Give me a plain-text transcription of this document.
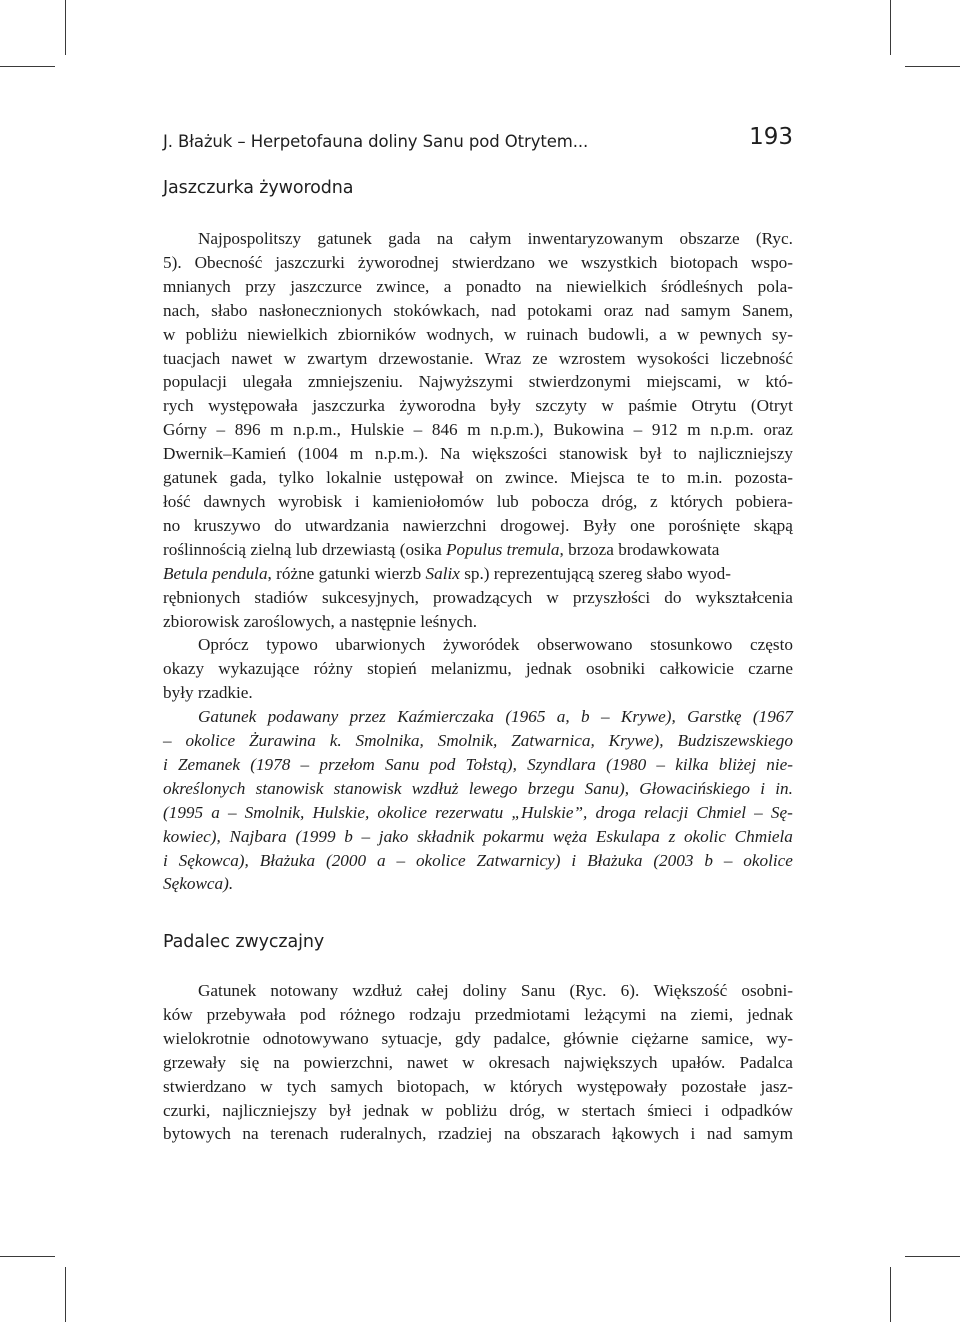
J. Błażuk – Herpetofauna doliny Sanu pod Otrytem...	193
Jaszczurka żyworodna
Najpospolitszy gatunek gada na całym inwentaryzowanym obszarze (Ryc.
5). Obecność jaszczurki żyworodnej stwierdzano we wszystkich biotopach wspo-
mnianych przy jaszczurce zwince, a ponadto na niewielkich śródleśnych pola-
nach, słabo nasłonecznionych stokówkach, nad potokami oraz nad samym Sanem,
w pobliżu niewielkich zbiorników wodnych, w ruinach budowli, a w pewnych sy-
tuacjach nawet w zwartym drzewostanie. Wraz ze wzrostem wysokości liczebność
populacji ulegała zmniejszeniu. Najwyższymi stwierdzonymi miejscami, w któ-
rych występowała jaszczurka żyworodna były szczyty w paśmie Otrytu (Otryt
Górny – 896 m n.p.m., Hulskie – 846 m n.p.m.), Bukowina – 912 m n.p.m. oraz
Dwernik–Kamień (1004 m n.p.m.). Na większości stanowisk był to najliczniejszy
gatunek gada, tylko lokalnie ustępował on zwince. Miejsca te to m.in. pozosta-
łość dawnych wyrobisk i kamieniołomów lub pobocza dróg, z których pobiera-
no kruszywo do utwardzania nawierzchni drogowej. Były one porośnięte skąpą
roślinnością zielną lub drzewiastą (osika Populus tremula, brzoza brodawkowata
Betula pendula, różne gatunki wierzb Salix sp.) reprezentującą szereg słabo wyod-
rębnionych stadiów sukcesyjnych, prowadzących w przyszłości do wykształcenia
zbiorowisk zaroślowych, a następnie leśnych.
Oprócz typowo ubarwionych żyworódek obserwowano stosunkowo często
okazy wykazujące różny stopień melanizmu, jednak osobniki całkowicie czarne
były rzadkie.
Gatunek podawany przez Kaźmierczaka (1965 a, b – Krywe), Garstkę (1967
– okolice Żurawina k. Smolnika, Smolnik, Zatwarnica, Krywe), Budziszewskiego
i Zemanek (1978 – przełom Sanu pod Tołstą), Szyndlara (1980 – kilka bliżej nie-
określonych stanowisk stanowisk wzdłuż lewego brzegu Sanu), Głowacińskiego i in.
(1995 a – Smolnik, Hulskie, okolice rezerwatu „Hulskie”, droga relacji Chmiel – Sę-
kowiec), Najbara (1999 b – jako składnik pokarmu węża Eskulapa z okolic Chmiela
i Sękowca), Błażuka (2000 a – okolice Zatwarnicy) i Błażuka (2003 b – okolice
Sękowca).
Padalec zwyczajny
Gatunek notowany wzdłuż całej doliny Sanu (Ryc. 6). Większość osobni-
ków przebywała pod różnego rodzaju przedmiotami leżącymi na ziemi, jednak
wielokrotnie odnotowywano sytuacje, gdy padalce, głównie ciężarne samice, wy-
grzewały się na powierzchni, nawet w okresach największych upałów. Padalca
stwierdzano w tych samych biotopach, w których występowały pozostałe jasz-
czurki, najliczniejszy był jednak w pobliżu dróg, w stertach śmieci i odpadków
bytowych na terenach ruderalnych, rzadziej na obszarach łąkowych i nad samym
